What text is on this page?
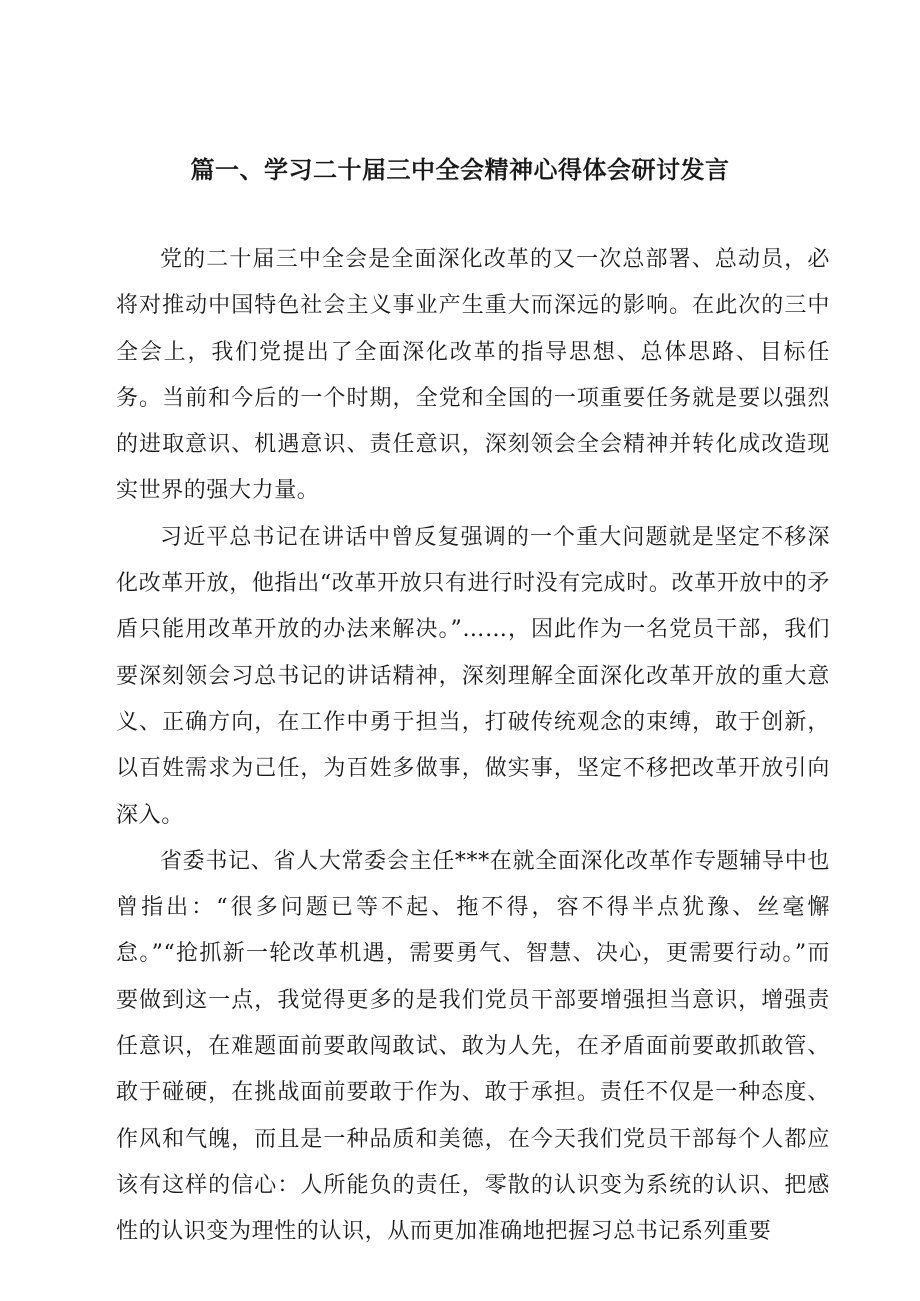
篇一、学习二十届三中全会精神心得体会研讨发言

党的二十届三中全会是全面深化改革的又一次总部署、总动员，必将对推动中国特色社会主义事业产生重大而深远的影响。在此次的三中全会上，我们党提出了全面深化改革的指导思想、总体思路、目标任务。当前和今后的一个时期，全党和全国的一项重要任务就是要以强烈的进取意识、机遇意识、责任意识，深刻领会全会精神并转化成改造现实世界的强大力量。

习近平总书记在讲话中曾反复强调的一个重大问题就是坚定不移深化改革开放，他指出“改革开放只有进行时没有完成时。改革开放中的矛盾只能用改革开放的办法来解决。”……，因此作为一名党员干部，我们要深刻领会习总书记的讲话精神，深刻理解全面深化改革开放的重大意义、正确方向，在工作中勇于担当，打破传统观念的束缚，敢于创新，以百姓需求为己任，为百姓多做事，做实事，坚定不移把改革开放引向深入。

省委书记、省人大常委会主任***在就全面深化改革作专题辅导中也曾指出：“很多问题已等不起、拖不得，容不得半点犹豫、丝毫懈怠。”“抢抓新一轮改革机遇，需要勇气、智慧、决心，更需要行动。”而要做到这一点，我觉得更多的是我们党员干部要增强担当意识，增强责任意识，在难题面前要敢闯敢试、敢为人先，在矛盾面前要敢抓敢管、敢于碰硬，在挑战面前要敢于作为、敢于承担。责任不仅是一种态度、作风和气魄，而且是一种品质和美德，在今天我们党员干部每个人都应该有这样的信心：人所能负的责任，零散的认识变为系统的认识、把感性的认识变为理性的认识，从而更加准确地把握习总书记系列重要
